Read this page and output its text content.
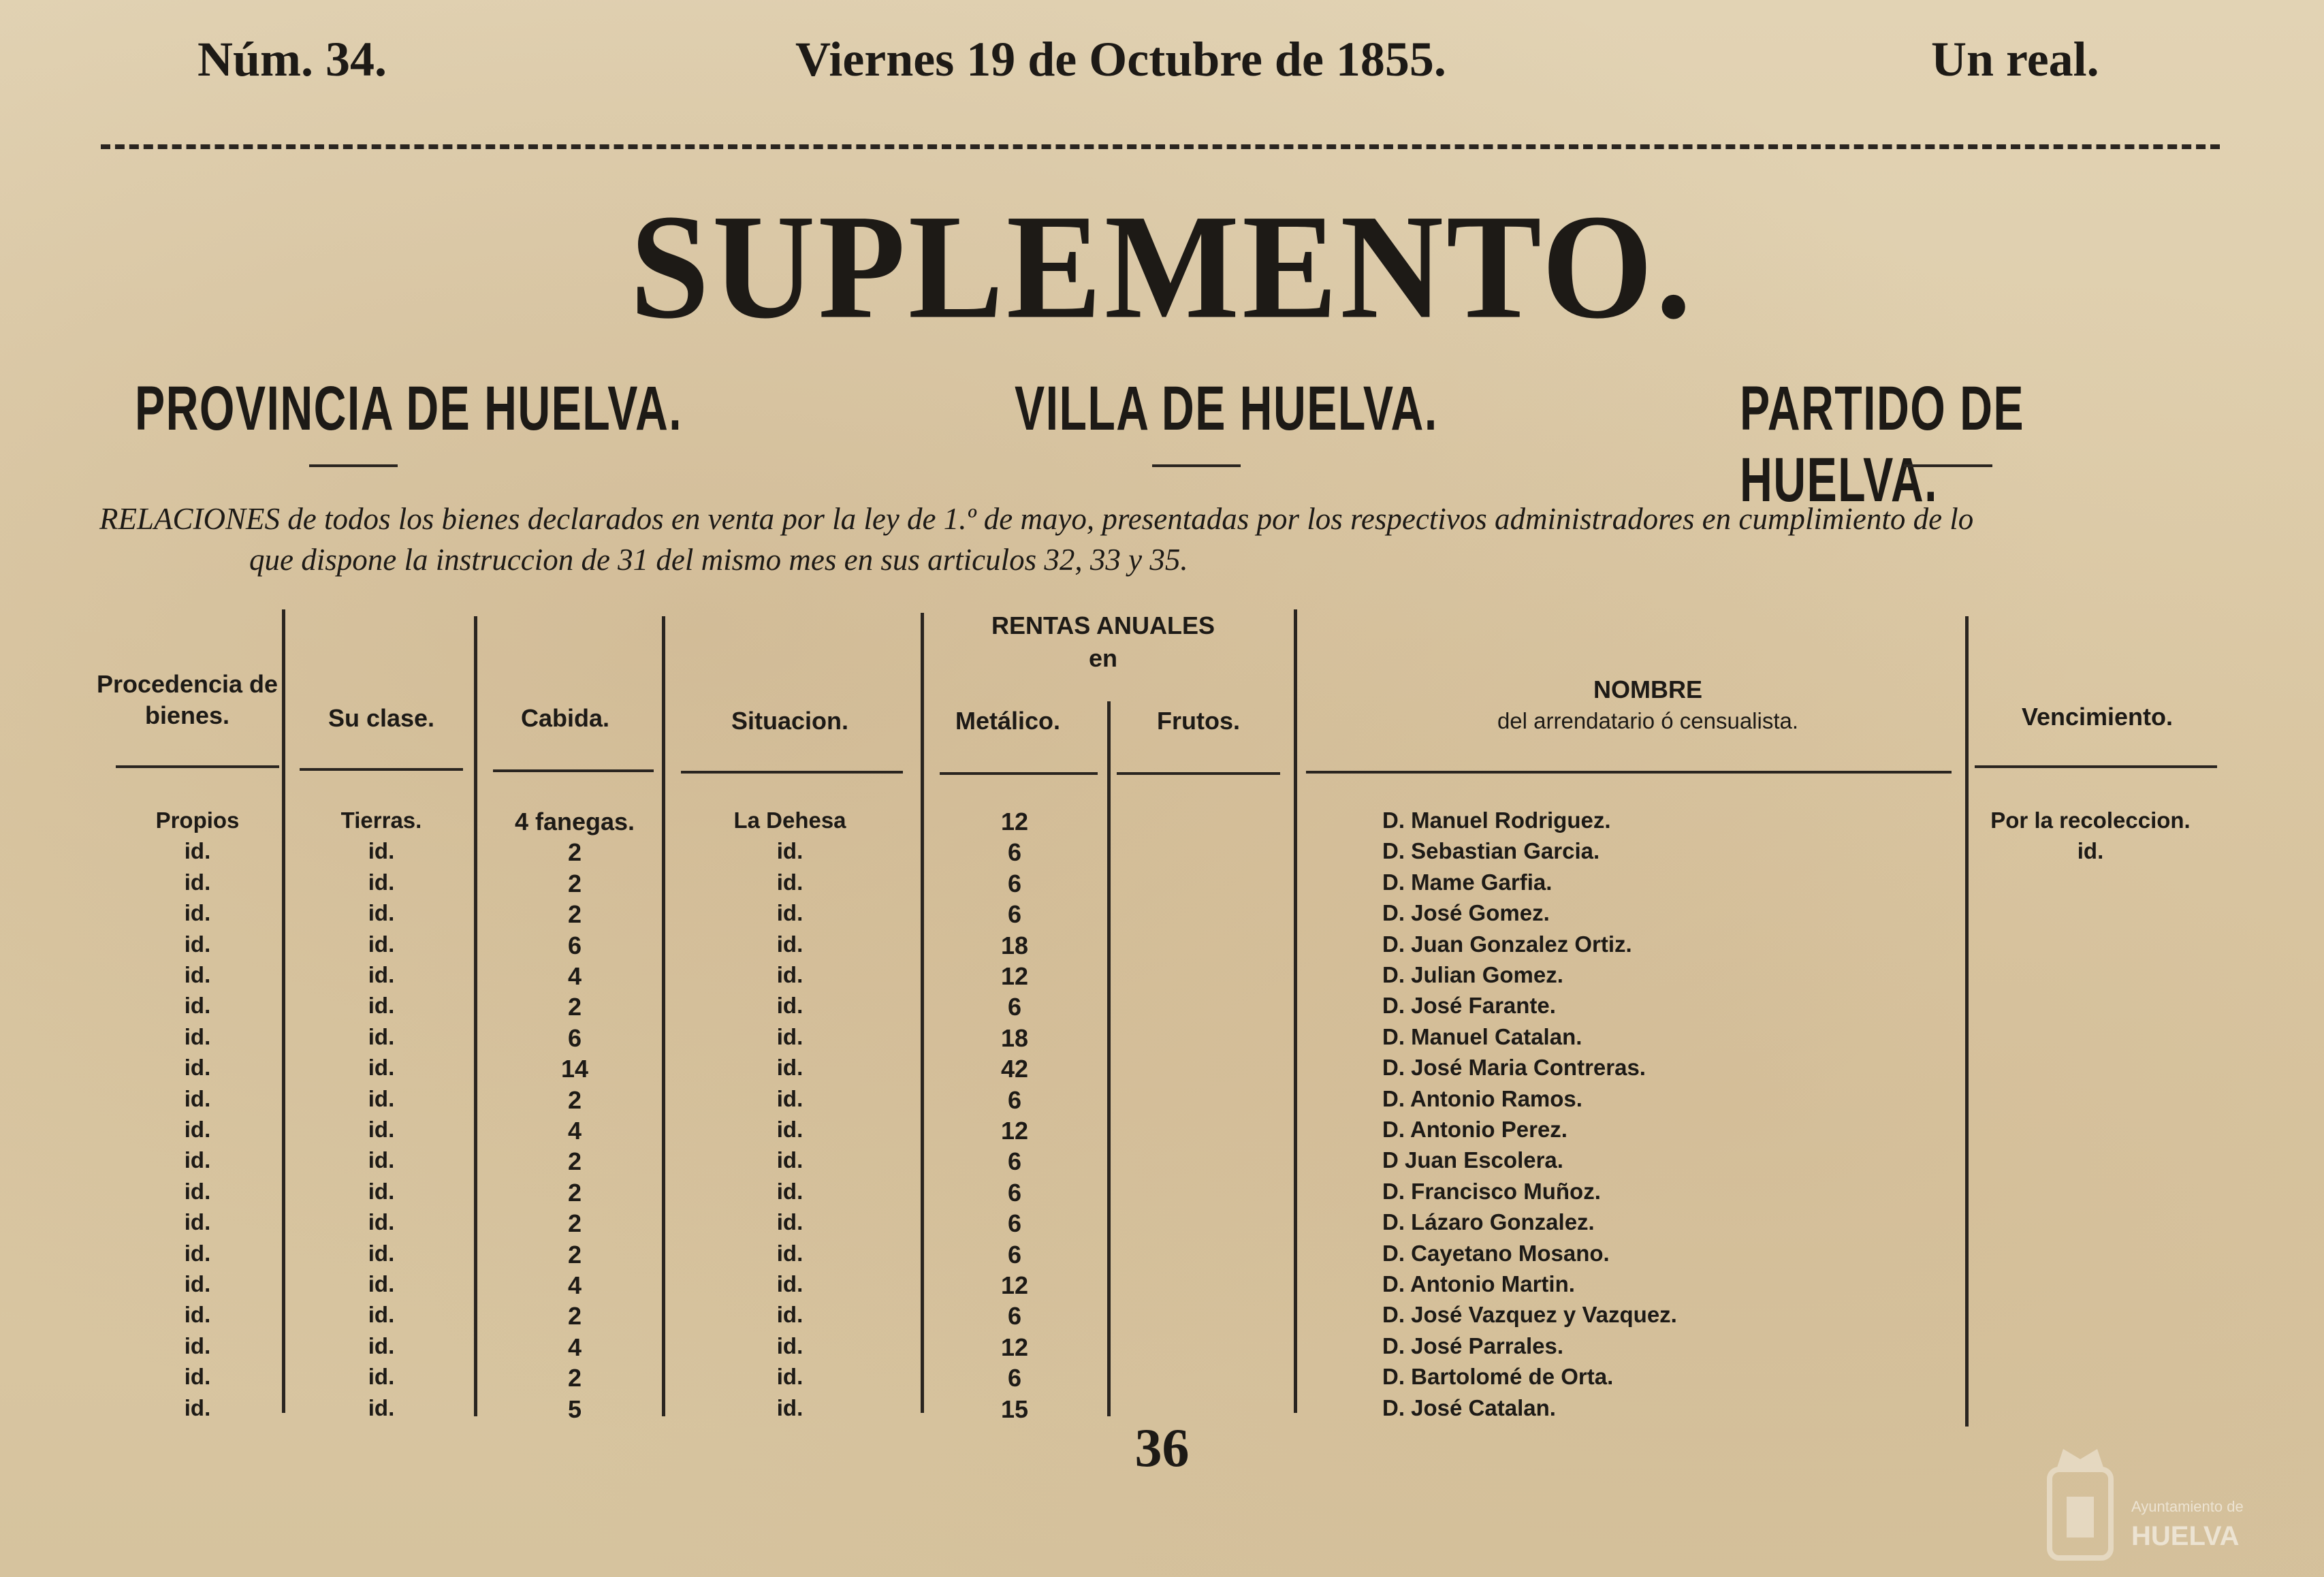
Núm. 34.	Viernes 19 de Octubre de 1855.	Un real.
SUPLEMENTO.
PROVINCIA DE HUELVA.	VILLA DE HUELVA.	PARTIDO DE HUELVA.
RELACIONES de todos los bienes declarados en venta por la ley de 1.º de mayo, presentadas por los respectivos administradores en cumplimiento de lo
que dispone la instruccion de 31 del mismo mes en sus articulos 32, 33 y 35.
Procedencia de bienes.	Su clase.	Cabida.	Situacion.
RENTAS ANUALES
en
Metálico.	Frutos.
NOMBRE
del arrendatario ó censualista.	Vencimiento.
Propios	Tierras.	4 fanegas.	La Dehesa	12	D. Manuel Rodriguez.	Por la recoleccion.
id.	id.	2	id.	6	D. Sebastian Garcia.	id.
id.	id.	2	id.	6	D. Mame Garfia.
id.	id.	2	id.	6	D. José Gomez.
id.	id.	6	id.	18	D. Juan Gonzalez Ortiz.
id.	id.	4	id.	12	D. Julian Gomez.
id.	id.	2	id.	6	D. José Farante.
id.	id.	6	id.	18	D. Manuel Catalan.
id.	id.	14	id.	42	D. José Maria Contreras.
id.	id.	2	id.	6	D. Antonio Ramos.
id.	id.	4	id.	12	D. Antonio Perez.
id.	id.	2	id.	6	D Juan Escolera.
id.	id.	2	id.	6	D. Francisco Muñoz.
id.	id.	2	id.	6	D. Lázaro Gonzalez.
id.	id.	2	id.	6	D. Cayetano Mosano.
id.	id.	4	id.	12	D. Antonio Martin.
id.	id.	2	id.	6	D. José Vazquez y Vazquez.
id.	id.	4	id.	12	D. José Parrales.
id.	id.	2	id.	6	D. Bartolomé de Orta.
id.	id.	5	id.	15	D. José Catalan.
36
Ayuntamiento de
HUELVA
